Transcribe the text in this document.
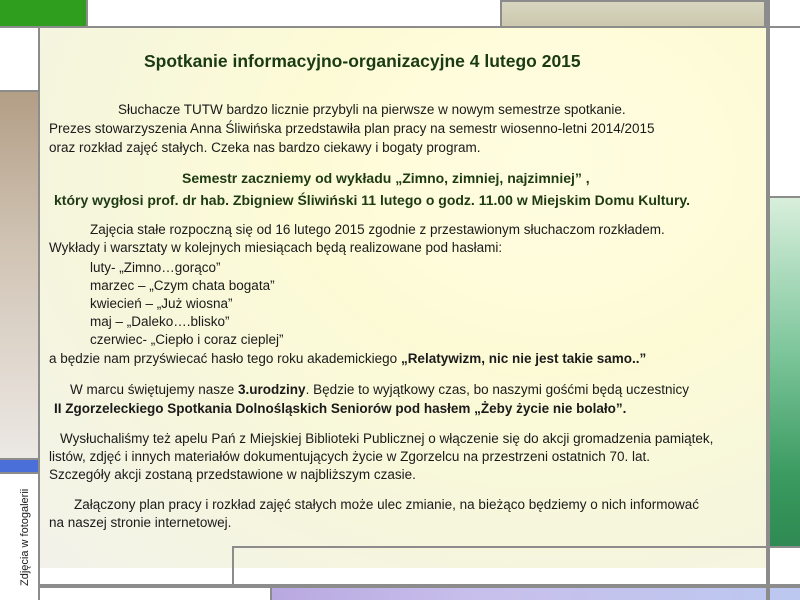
Spotkanie informacyjno-organizacyjne 4 lutego 2015
Słuchacze TUTW bardzo licznie przybyli na pierwsze w nowym semestrze spotkanie.
Prezes stowarzyszenia Anna Śliwińska przedstawiła plan pracy na semestr wiosenno-letni 2014/2015
oraz rozkład zajęć stałych. Czeka nas bardzo ciekawy i bogaty program.
Semestr zaczniemy od wykładu „Zimno, zimniej, najzimniej” ,
który wygłosi prof. dr hab. Zbigniew Śliwiński 11 lutego o godz. 11.00 w Miejskim Domu Kultury.
Zajęcia stałe rozpoczną się od 16 lutego 2015 zgodnie z przestawionym słuchaczom rozkładem.
Wykłady i warsztaty w kolejnych miesiącach będą realizowane pod hasłami:
luty- „Zimno…gorąco”
marzec – „Czym chata bogata”
kwiecień – „Już wiosna”
maj – „Daleko….blisko”
czerwiec- „Ciepło i coraz cieplej”
a będzie nam przyświecać hasło tego roku akademickiego „Relatywizm, nic nie jest takie samo..”
W marcu świętujemy nasze 3.urodziny. Będzie to wyjątkowy czas, bo naszymi gośćmi będą uczestnicy
II Zgorzeleckiego Spotkania Dolnośląskich Seniorów pod hasłem „Żeby życie nie bolało”.
Wysłuchaliśmy też apelu Pań z Miejskiej Biblioteki Publicznej o włączenie się do akcji gromadzenia pamiątek,
listów, zdjęć i innych materiałów dokumentujących życie w Zgorzelcu na przestrzeni ostatnich 70. lat.
Szczegóły akcji zostaną przedstawione w najbliższym czasie.
Załączony plan pracy i rozkład zajęć stałych może ulec zmianie, na bieżąco będziemy o nich informować
na naszej stronie internetowej.
Zdjęcia w fotogalerii
